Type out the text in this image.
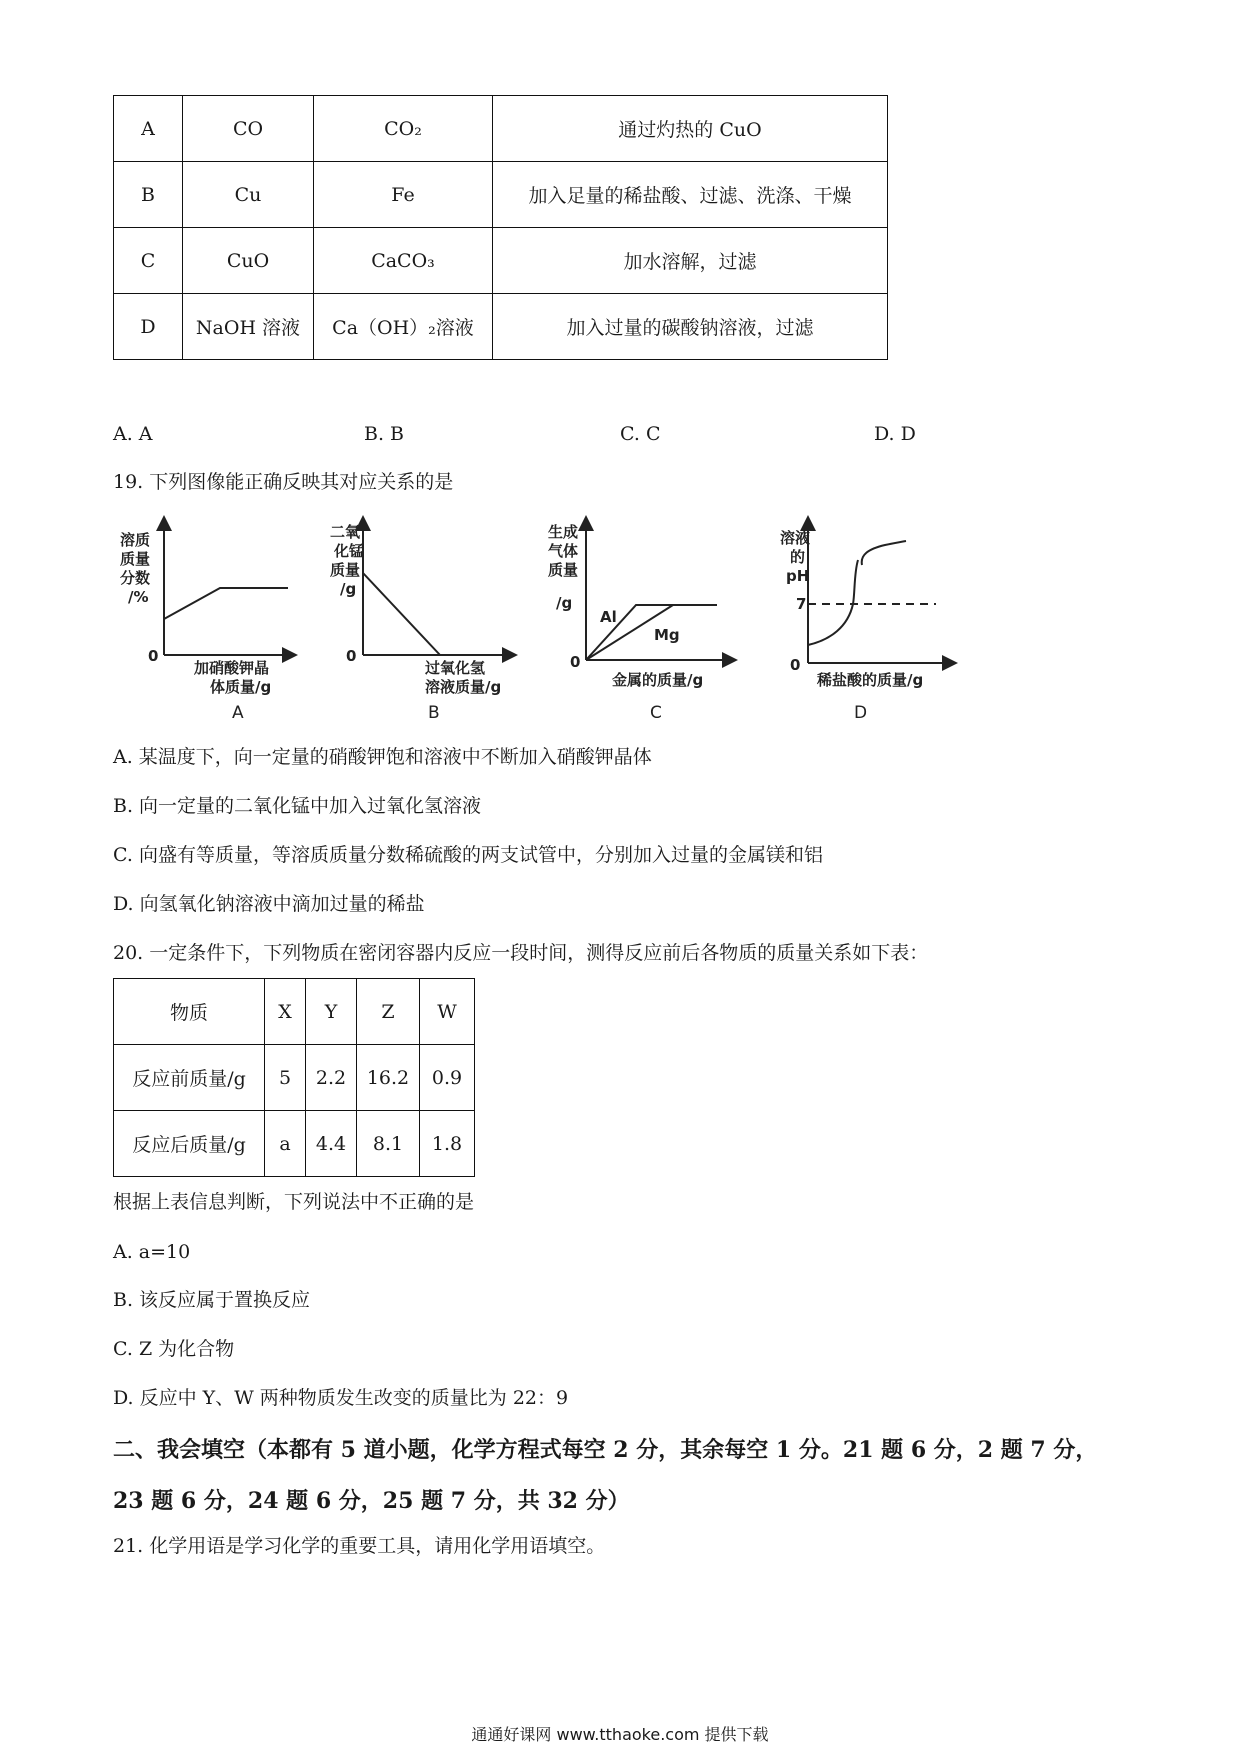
A	CO	CO₂	通过灼热的 CuO
B	Cu	Fe	加入足量的稀盐酸、过滤、洗涤、干燥
C	CuO	CaCO₃	加水溶解，过滤
D	NaOH 溶液	Ca（OH）₂溶液	加入过量的碳酸钠溶液，过滤
A. A	B. B	C. C	D. D
19. 下列图像能正确反映其对应关系的是
溶质
质量
分数
/%
0
加硝酸钾晶
体质量/g
A
二氧
化锰
质量
/g
0
过氧化氢
溶液质量/g
B
生成
气体
质量
/g
Al
Mg
0
金属的质量/g
C
溶液
的
pH
7
0
稀盐酸的质量/g
D
A. 某温度下，向一定量的硝酸钾饱和溶液中不断加入硝酸钾晶体
B. 向一定量的二氧化锰中加入过氧化氢溶液
C. 向盛有等质量，等溶质质量分数稀硫酸的两支试管中，分别加入过量的金属镁和铝
D. 向氢氧化钠溶液中滴加过量的稀盐
20. 一定条件下，下列物质在密闭容器内反应一段时间，测得反应前后各物质的质量关系如下表：
物质	X	Y	Z	W
反应前质量/g	5	2.2	16.2	0.9
反应后质量/g	a	4.4	8.1	1.8
根据上表信息判断，下列说法中不正确的是
A. a=10
B. 该反应属于置换反应
C. Z 为化合物
D. 反应中 Y、W 两种物质发生改变的质量比为 22：9
二、我会填空（本都有 5 道小题，化学方程式每空 2 分，其余每空 1 分。21 题 6 分，2 题 7 分，
23 题 6 分，24 题 6 分，25 题 7 分，共 32 分）
21. 化学用语是学习化学的重要工具，请用化学用语填空。
通通好课网 www.tthaoke.com 提供下载
